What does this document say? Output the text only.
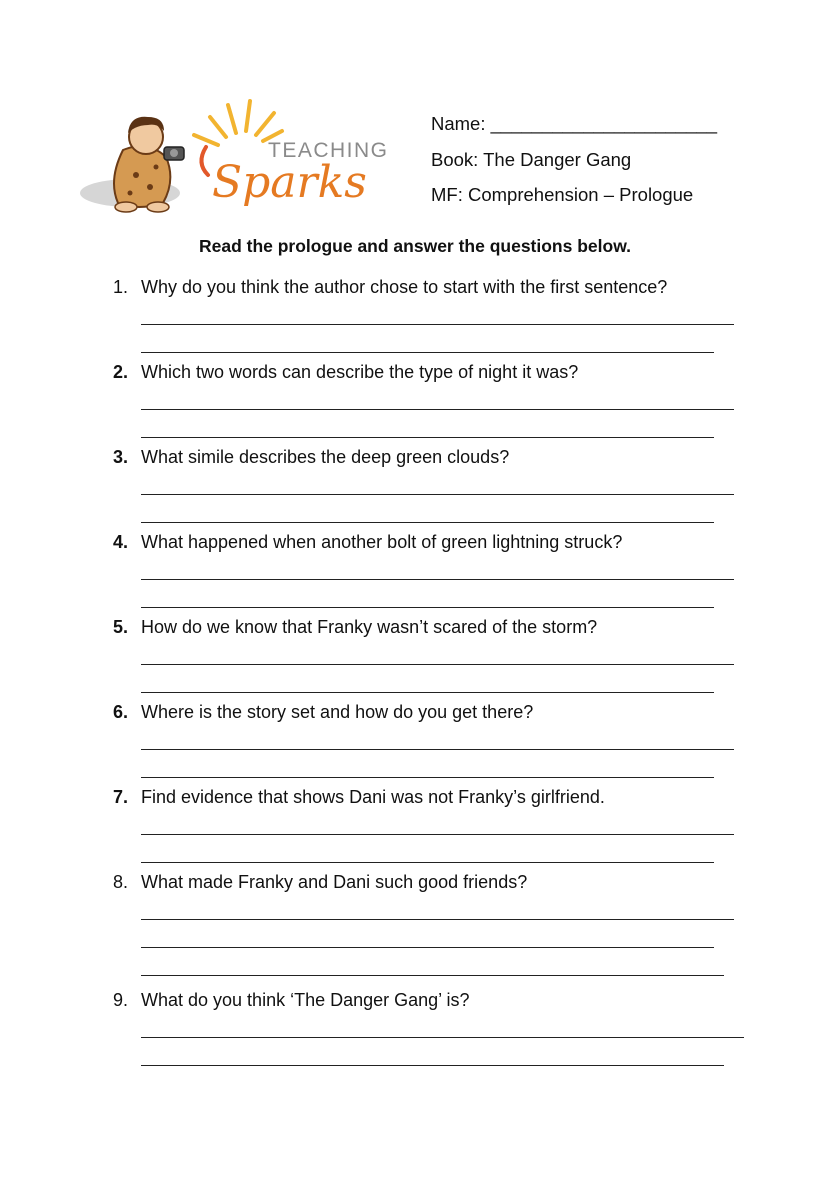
TEACHING
Sparks
Name: ______________________
Book: The Danger Gang
MF: Comprehension – Prologue
Read the prologue and answer the questions below.
1. Why do you think the author chose to start with the first sentence?
2. Which two words can describe the type of night it was?
3. What simile describes the deep green clouds?
4. What happened when another bolt of green lightning struck?
5. How do we know that Franky wasn’t scared of the storm?
6. Where is the story set and how do you get there?
7. Find evidence that shows Dani was not Franky’s girlfriend.
8. What made Franky and Dani such good friends?
9. What do you think ‘The Danger Gang’ is?
